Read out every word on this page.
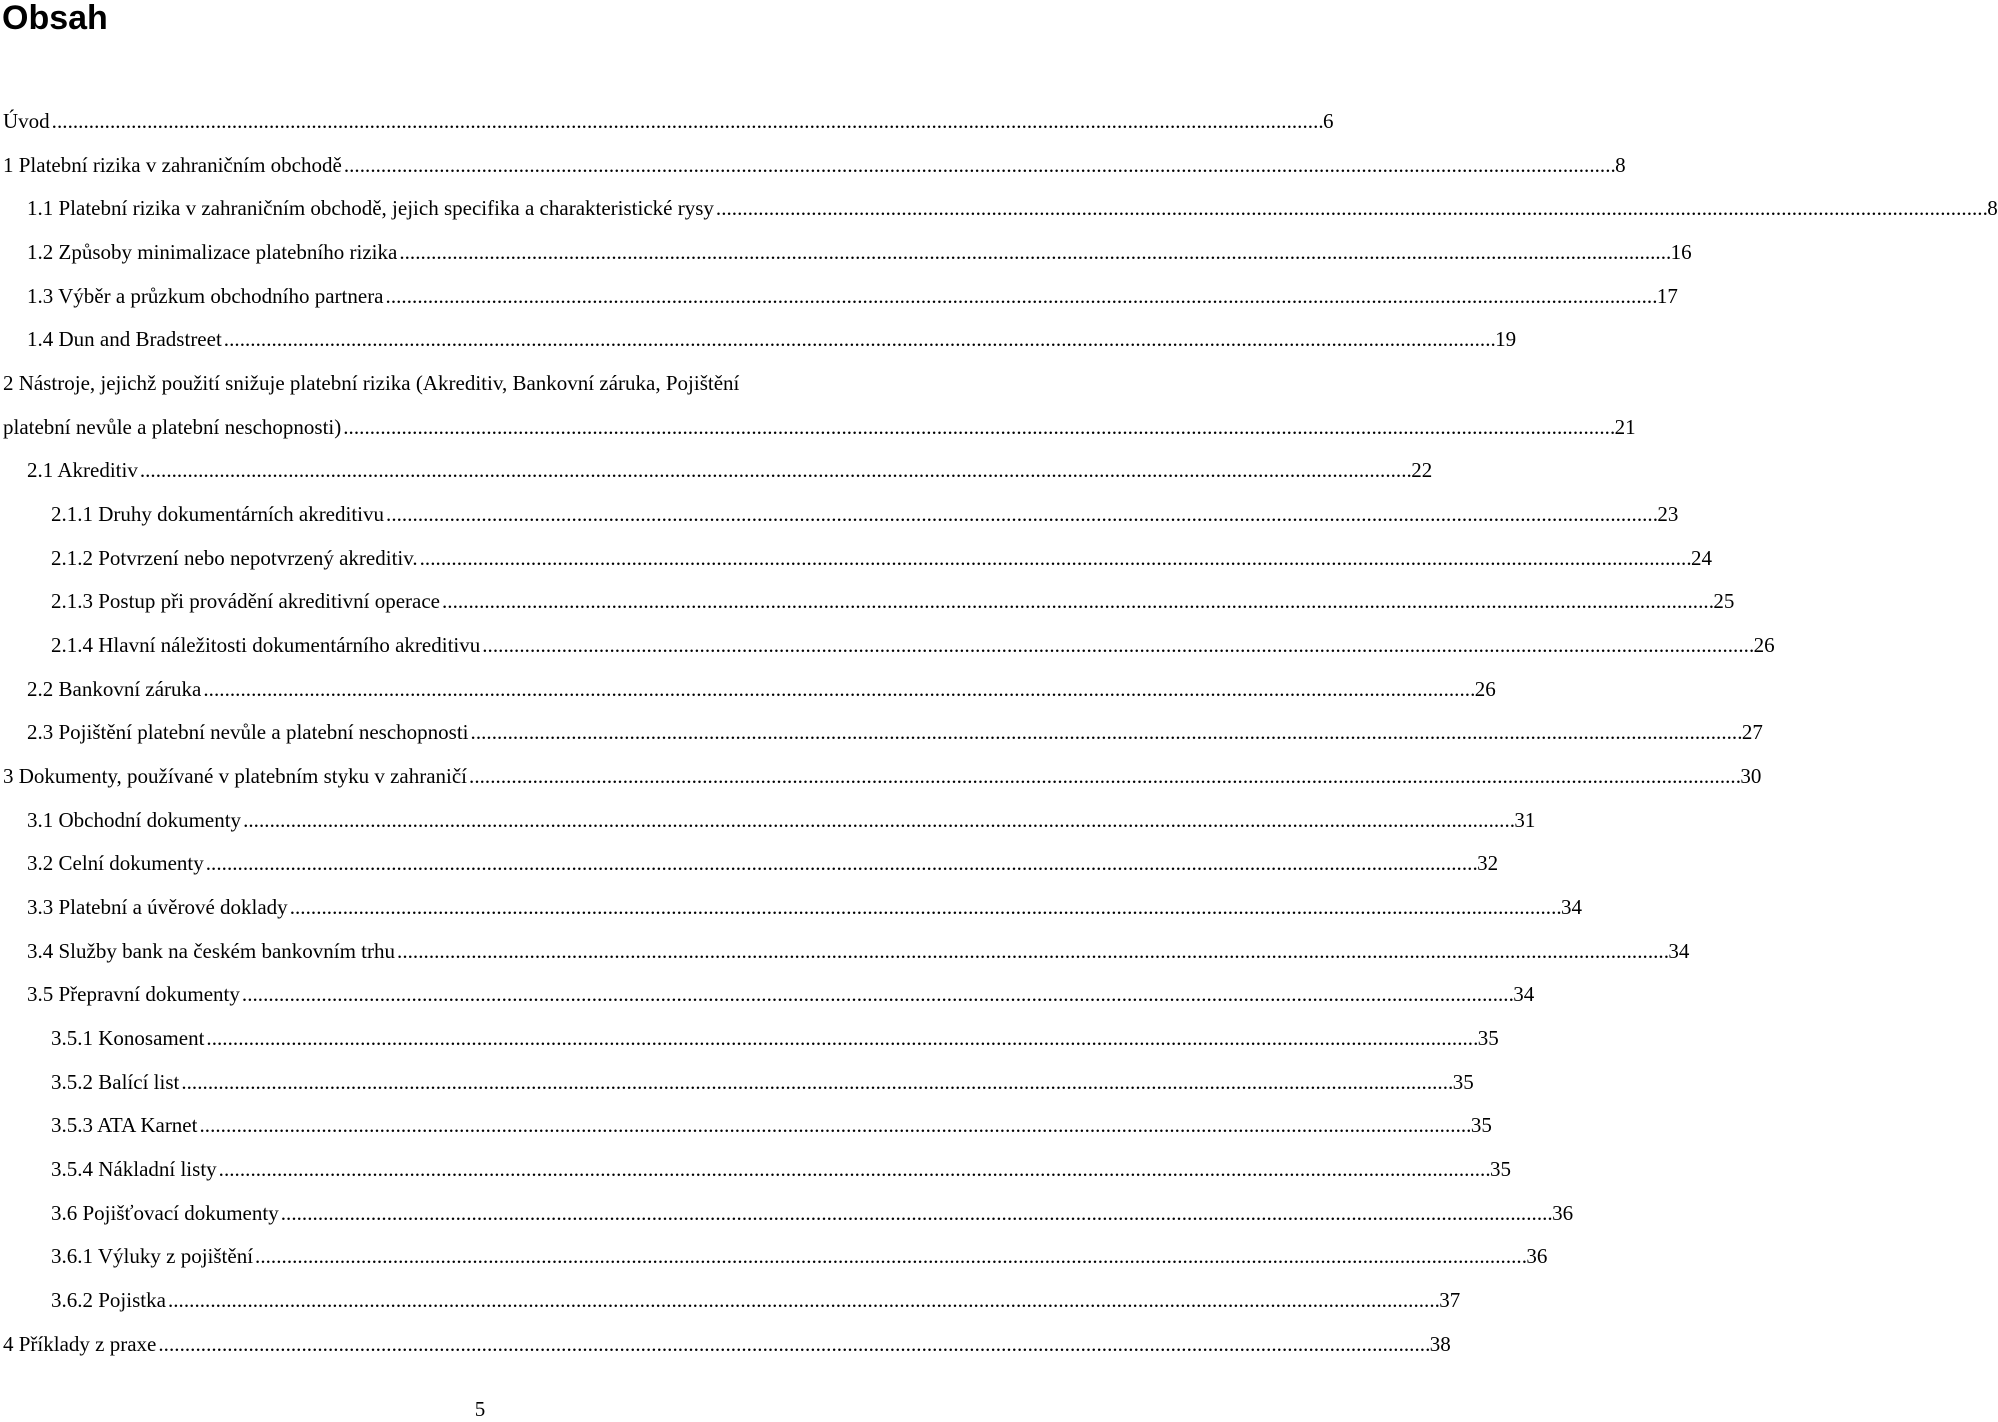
Obsah
Úvod . . .	6
1 Platební rizika v zahraničním obchodě . . .	8
1.1 Platební rizika v zahraničním obchodě, jejich specifika a charakteristické rysy . . .	8
1.2 Způsoby minimalizace platebního rizika . . .	16
1.3 Výběr a průzkum obchodního partnera . . .	17
1.4 Dun and Bradstreet . . .	19
2 Nástroje, jejichž použití snižuje platební rizika (Akreditiv, Bankovní záruka, Pojištění
platební nevůle a platební neschopnosti) . . .	21
2.1 Akreditiv . . .	22
2.1.1 Druhy dokumentárních akreditivu . . .	23
2.1.2 Potvrzení nebo nepotvrzený akreditiv. . . .	24
2.1.3 Postup při provádění akreditivní operace . . .	25
2.1.4 Hlavní náležitosti dokumentárního akreditivu . . .	26
2.2 Bankovní záruka . . .	26
2.3 Pojištění platební nevůle a platební neschopnosti . . .	27
3 Dokumenty, používané v platebním styku v zahraničí . . .	30
3.1 Obchodní dokumenty . . .	31
3.2 Celní dokumenty . . .	32
3.3 Platební a úvěrové doklady . . .	34
3.4 Služby bank na českém bankovním trhu . . .	34
3.5 Přepravní dokumenty . . .	34
3.5.1 Konosament . . .	35
3.5.2 Balící list . . .	35
3.5.3 ATA Karnet . . .	35
3.5.4 Nákladní listy . . .	35
3.6 Pojišťovací dokumenty . . .	36
3.6.1 Výluky z pojištění . . .	36
3.6.2 Pojistka . . .	37
4 Příklady z praxe . . .	38
5
